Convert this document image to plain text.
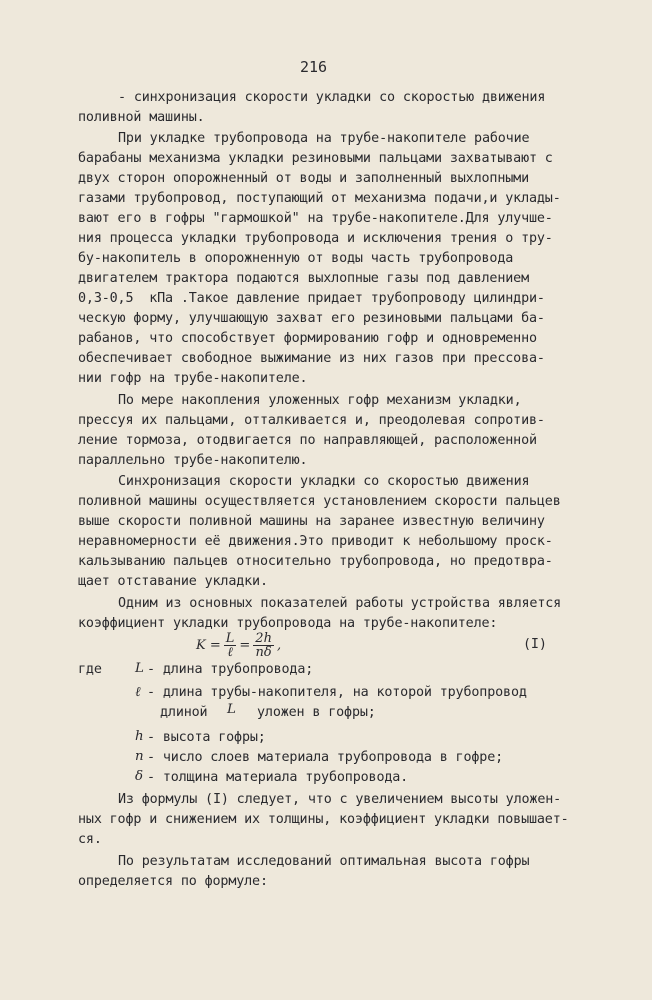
216
- синхронизация скорости укладки со скоростью движения
поливной машины.
При укладке трубопровода на трубе-накопителе рабочие
барабаны механизма укладки резиновыми пальцами захватывают с
двух сторон опорожненный от воды и заполненный выхлопными
газами трубопровод, поступающий от механизма подачи,и уклады-
вают его в гофры "гармошкой" на трубе-накопителе.Для улучше-
ния процесса укладки трубопровода и исключения трения о тру-
бу-накопитель в опорожненную от воды часть трубопровода
двигателем трактора подаются выхлопные газы под давлением
0,3-0,5  кПа .Такое давление придает трубопроводу цилиндри-
ческую форму, улучшающую захват его резиновыми пальцами ба-
рабанов, что способствует формированию гофр и одновременно
обеспечивает свободное выжимание из них газов при прессова-
нии гофр на трубе-накопителе.
По мере накопления уложенных гофр механизм укладки,
прессуя их пальцами, отталкивается и, преодолевая сопротив-
ление тормоза, отодвигается по направляющей, расположенной
параллельно трубе-накопителю.
Синхронизация скорости укладки со скоростью движения
поливной машины осуществляется установлением скорости пальцев
выше скорости поливной машины на заранее известную величину
неравномерности её движения.Это приводит к небольшому проск-
кальзыванию пальцев относительно трубопровода, но предотвра-
щает отставание укладки.
Одним из основных показателей работы устройства является
коэффициент укладки трубопровода на трубе-накопителе:
$K = \frac{L}{\text{ℓ}} = \frac{2h}{n\delta}$ ,	(I)
где L - длина трубопровода;
ℓ - длина трубы-накопителя, на которой трубопровод
длиной L уложен в гофры;
h - высота гофры;
n - число слоев материала трубопровода в гофре;
δ - толщина материала трубопровода.
Из формулы (I) следует, что с увеличением высоты уложен-
ных гофр и снижением их толщины, коэффициент укладки повышает-
ся.
По результатам исследований оптимальная высота гофры
определяется по формуле:
